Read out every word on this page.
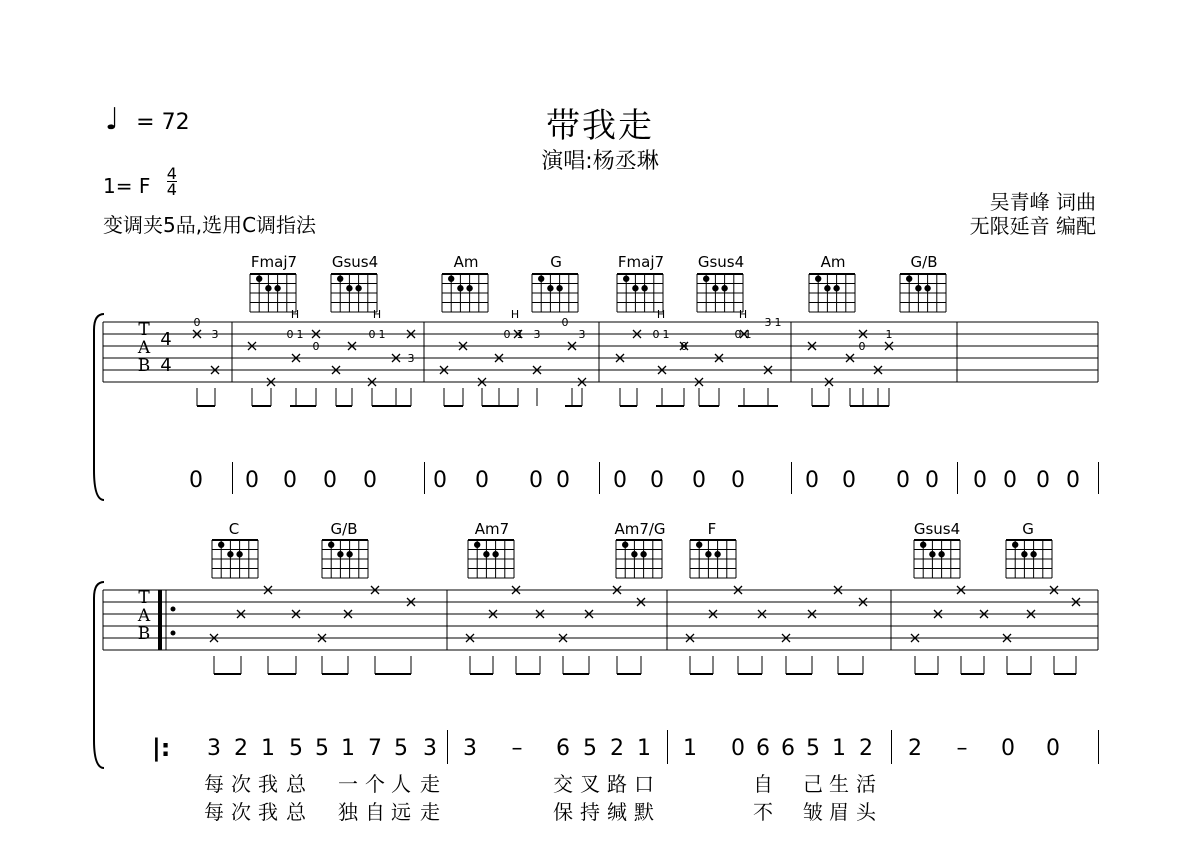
♩ = 72	带我走
演唱:杨丞琳
1= F $\frac{4}{4}$
变调夹5品,选用C调指法
吴青峰 词曲
无限延音 编配
Fmaj7	Gsus4	Am	G	Fmaj7	Gsus4	Am	G/B
C	G/B	Am7	Am7/G	F	Gsus4	G
0
3	0 1
0
0 1
3
0 1 3
0
3	0 1
0
0 1
3 1
0
1
H	H	H	H	H
T
A
B
4
4
T
A
B
0 0 0 0 0	0 0 0 0 0 0 0 0	0 0 0 0 0 0 0 0
3 2 1 5 5 1 7 5 3 3 – 6 5 2 1 1 0 6 6 5 1 2 2 – 0 0
|:
每 次 我 总 一 个 人 走	交 叉 路 口	自 己 生 活
每 次 我 总 独 自 远 走	保 持 缄 默	不 皱 眉 头
